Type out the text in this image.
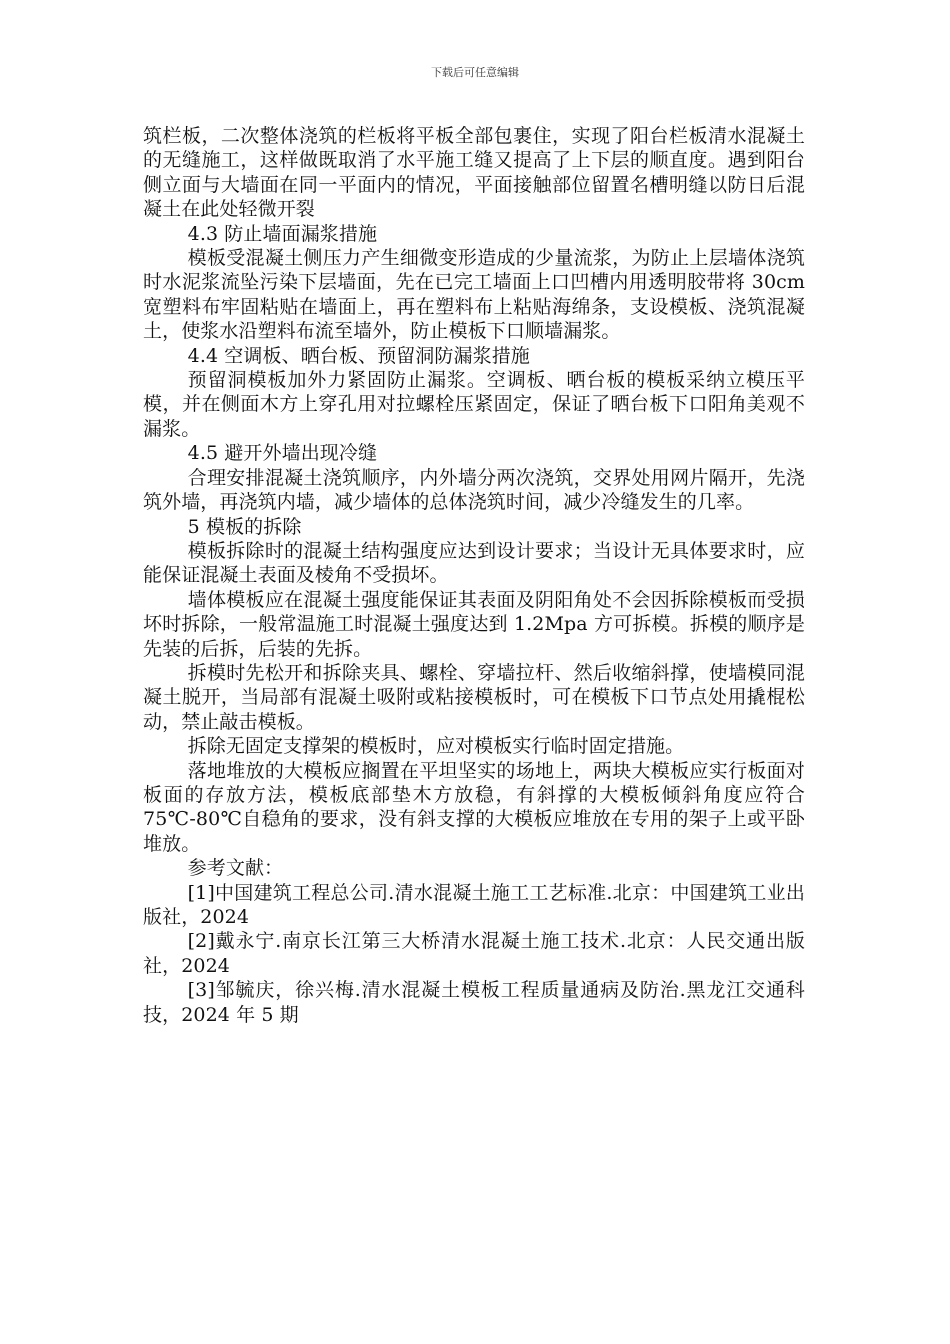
下载后可任意编辑

筑栏板，二次整体浇筑的栏板将平板全部包裹住，实现了阳台栏板清水混凝土的无缝施工，这样做既取消了水平施工缝又提高了上下层的顺直度。遇到阳台侧立面与大墙面在同一平面内的情况，平面接触部位留置名槽明缝以防日后混凝土在此处轻微开裂

4.3 防止墙面漏浆措施

模板受混凝土侧压力产生细微变形造成的少量流浆，为防止上层墙体浇筑时水泥浆流坠污染下层墙面，先在已完工墙面上口凹槽内用透明胶带将 30cm 宽塑料布牢固粘贴在墙面上，再在塑料布上粘贴海绵条，支设模板、浇筑混凝土，使浆水沿塑料布流至墙外，防止模板下口顺墙漏浆。

4.4 空调板、晒台板、预留洞防漏浆措施

预留洞模板加外力紧固防止漏浆。空调板、晒台板的模板采纳立模压平模，并在侧面木方上穿孔用对拉螺栓压紧固定，保证了晒台板下口阳角美观不漏浆。

4.5 避开外墙出现冷缝

合理安排混凝土浇筑顺序，内外墙分两次浇筑，交界处用网片隔开，先浇筑外墙，再浇筑内墙，减少墙体的总体浇筑时间，减少冷缝发生的几率。

5 模板的拆除

模板拆除时的混凝土结构强度应达到设计要求；当设计无具体要求时，应能保证混凝土表面及棱角不受损坏。

墙体模板应在混凝土强度能保证其表面及阴阳角处不会因拆除模板而受损坏时拆除，一般常温施工时混凝土强度达到 1.2Mpa 方可拆模。拆模的顺序是先装的后拆，后装的先拆。

拆模时先松开和拆除夹具、螺栓、穿墙拉杆、然后收缩斜撑，使墙模同混凝土脱开，当局部有混凝土吸附或粘接模板时，可在模板下口节点处用撬棍松动，禁止敲击模板。

拆除无固定支撑架的模板时，应对模板实行临时固定措施。

落地堆放的大模板应搁置在平坦坚实的场地上，两块大模板应实行板面对板面的存放方法，模板底部垫木方放稳，有斜撑的大模板倾斜角度应符合 75℃-80℃自稳角的要求，没有斜支撑的大模板应堆放在专用的架子上或平卧堆放。

参考文献：

[1]中国建筑工程总公司.清水混凝土施工工艺标准.北京：中国建筑工业出版社，2024

[2]戴永宁.南京长江第三大桥清水混凝土施工技术.北京：人民交通出版社，2024

[3]邹毓庆，徐兴梅.清水混凝土模板工程质量通病及防治.黑龙江交通科技，2024 年 5 期
